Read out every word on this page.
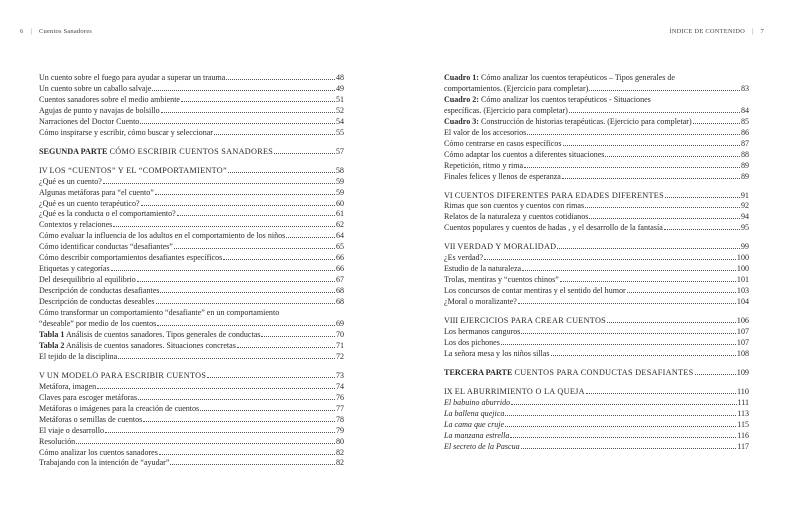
6 | Cuentos Sanadores
Un cuento sobre el fuego para ayudar a superar un trauma	48
Un cuento sobre un caballo salvaje	49
Cuentos sanadores sobre el medio ambiente	51
Agujas de punto y navajas de bolsillo	52
Narraciones del Doctor Cuento	54
Cómo inspirarse y escribir, cómo buscar y seleccionar	55
SEGUNDA PARTE CÓMO ESCRIBIR CUENTOS SANADORES	57
IV LOS “CUENTOS” Y EL “COMPORTAMIENTO”	58
¿Qué es un cuento?	59
Algunas metáforas para “el cuento”	59
¿Qué es un cuento terapéutico?	60
¿Qué es la conducta o el comportamiento?	61
Contextos y relaciones	62
Cómo evaluar la influencia de los adultos en el comportamiento de los niños	64
Cómo identificar conductas “desafiantes”	65
Cómo describir comportamientos desafiantes específicos	66
Etiquetas y categorías	66
Del desequilibrio al equilibrio	67
Descripción de conductas desafiantes	68
Descripción de conductas deseables	68
Cómo transformar un comportamiento “desafiante” en un comportamiento
“deseable” por medio de los cuentos	69
Tabla 1 Análisis de cuentos sanadores. Tipos generales de conductas	70
Tabla 2 Análisis de cuentos sanadores. Situaciones concretas	71
El tejido de la disciplina	72
V UN MODELO PARA ESCRIBIR CUENTOS	73
Metáfora, imagen	74
Claves para escoger metáforas	76
Metáforas o imágenes para la creación de cuentos	77
Metáforas o semillas de cuentos	78
El viaje o desarrollo	79
Resolución	80
Cómo analizar los cuentos sanadores	82
Trabajando con la intención de “ayudar”	82
ÍNDICE DE CONTENIDO | 7
Cuadro 1: Cómo analizar los cuentos terapéuticos – Tipos generales de
comportamientos. (Ejercicio para completar)	83
Cuadro 2: Cómo analizar los cuentos terapéuticos - Situaciones
específicas. (Ejercicio para completar)	84
Cuadro 3: Construcción de historias terapéuticas. (Ejercicio para completar)	85
El valor de los accesorios	86
Cómo centrarse en casos específicos	87
Cómo adaptar los cuentos a diferentes situaciones	88
Repetición, ritmo y rima	89
Finales felices y llenos de esperanza	89
VI CUENTOS DIFERENTES PARA EDADES DIFERENTES	91
Rimas que son cuentos y cuentos con rimas	92
Relatos de la naturaleza y cuentos cotidianos	94
Cuentos populares y cuentos de hadas , y el desarrollo de la fantasía	95
VII VERDAD Y MORALIDAD	99
¿Es verdad?	100
Estudio de la naturaleza	100
Trolas, mentiras y “cuentos chinos”	101
Los concursos de contar mentiras y el sentido del humor	103
¿Moral o moralizante?	104
VIII EJERCICIOS PARA CREAR CUENTOS	106
Los hermanos canguros	107
Los dos pichones	107
La señora mesa y los niños sillas	108
TERCERA PARTE CUENTOS PARA CONDUCTAS DESAFIANTES	109
IX EL ABURRIMIENTO O LA QUEJA	110
El babuino aburrido	111
La ballena quejica	113
La cama que cruje	115
La manzana estrella	116
El secreto de la Pascua	117
